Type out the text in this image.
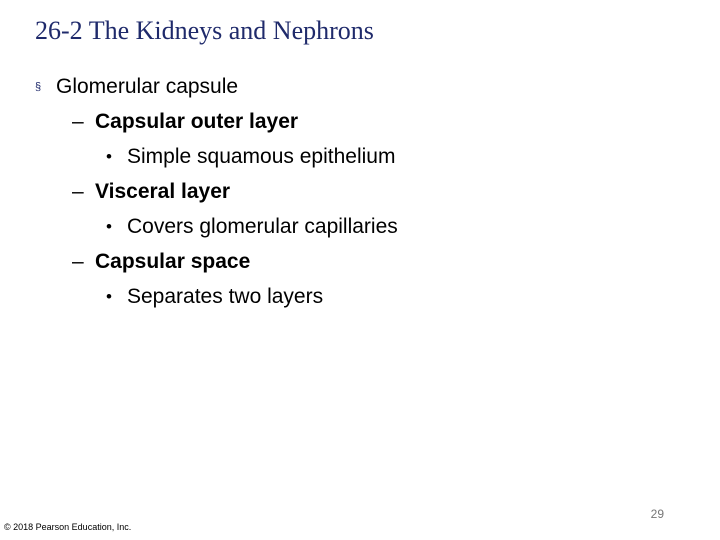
26-2 The Kidneys and Nephrons
§ Glomerular capsule
– Capsular outer layer
• Simple squamous epithelium
– Visceral layer
• Covers glomerular capillaries
– Capsular space
• Separates two layers
29
© 2018 Pearson Education, Inc.
